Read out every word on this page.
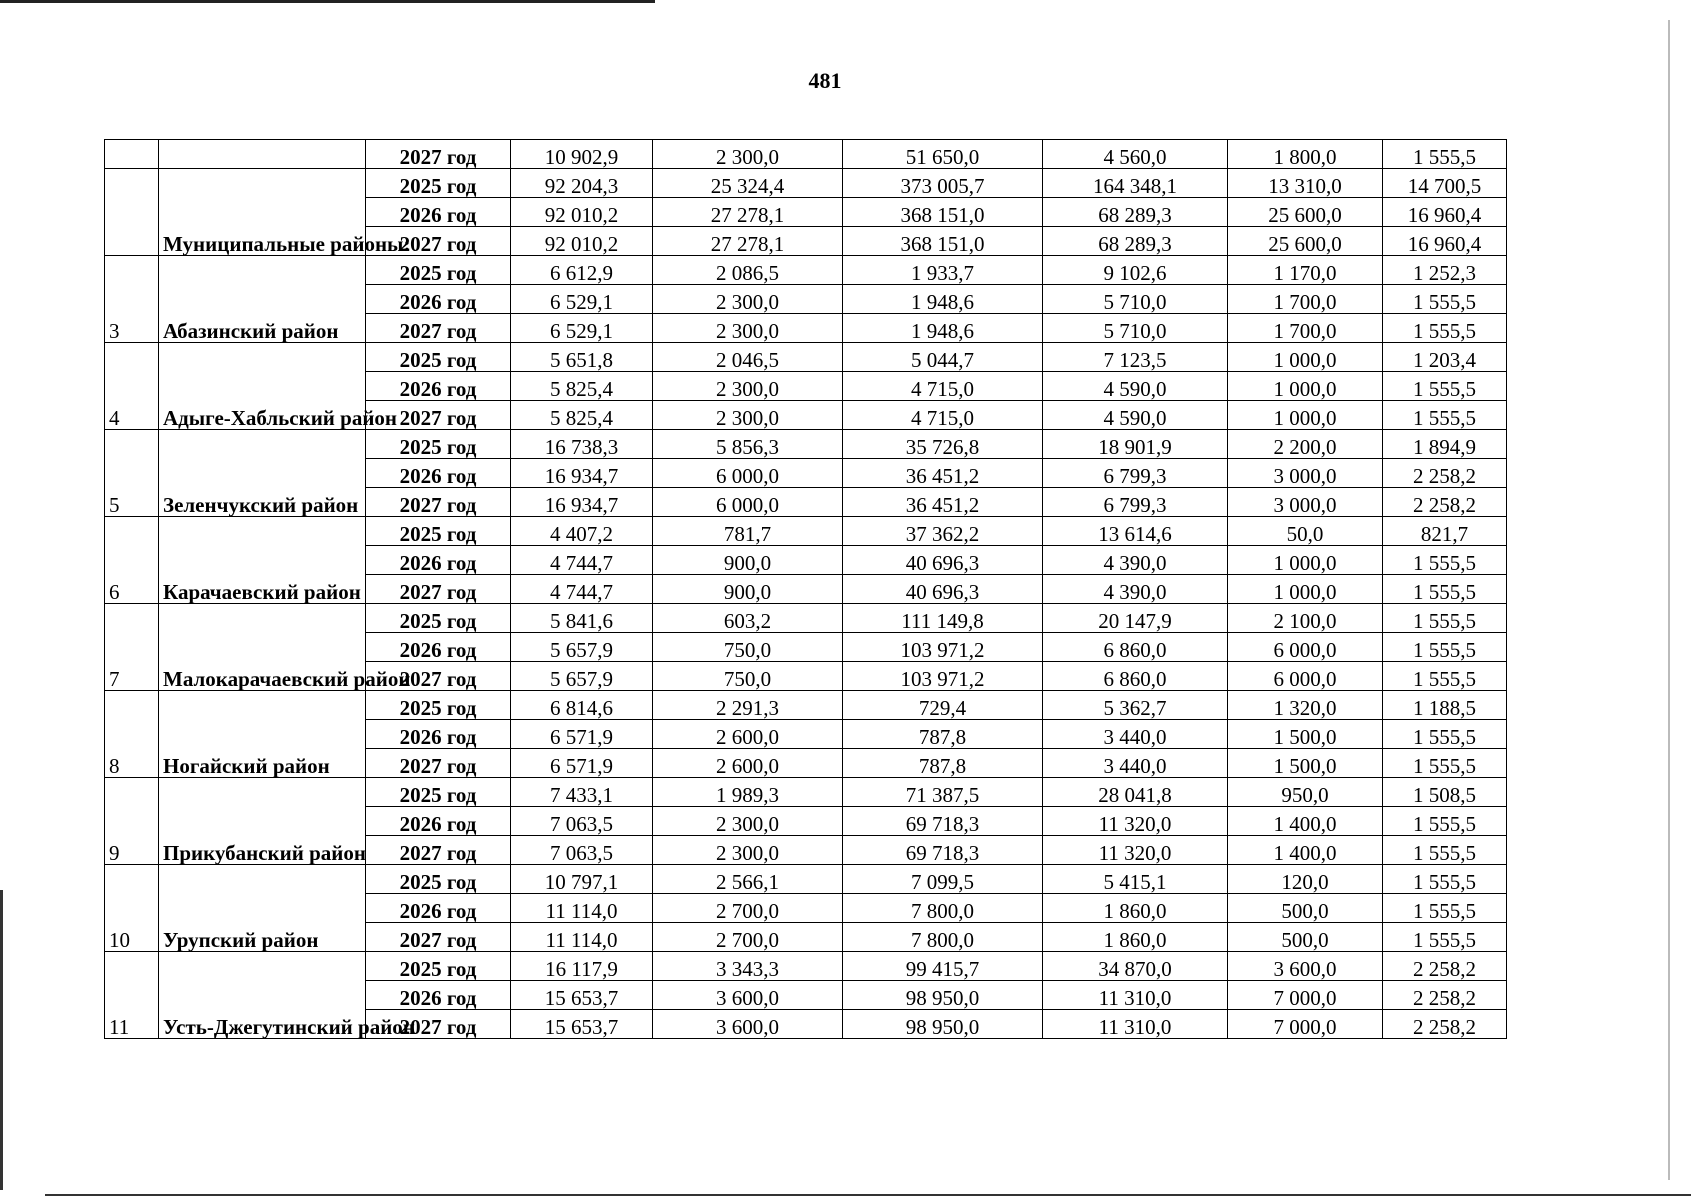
481
		2027 год	10 902,9	2 300,0	51 650,0	4 560,0	1 800,0	1 555,5
	Муниципальные районы:	2025 год	92 204,3	25 324,4	373 005,7	164 348,1	13 310,0	14 700,5
		2026 год	92 010,2	27 278,1	368 151,0	68 289,3	25 600,0	16 960,4
		2027 год	92 010,2	27 278,1	368 151,0	68 289,3	25 600,0	16 960,4
3	Абазинский район	2025 год	6 612,9	2 086,5	1 933,7	9 102,6	1 170,0	1 252,3
		2026 год	6 529,1	2 300,0	1 948,6	5 710,0	1 700,0	1 555,5
		2027 год	6 529,1	2 300,0	1 948,6	5 710,0	1 700,0	1 555,5
4	Адыге-Хабльский район	2025 год	5 651,8	2 046,5	5 044,7	7 123,5	1 000,0	1 203,4
		2026 год	5 825,4	2 300,0	4 715,0	4 590,0	1 000,0	1 555,5
		2027 год	5 825,4	2 300,0	4 715,0	4 590,0	1 000,0	1 555,5
5	Зеленчукский район	2025 год	16 738,3	5 856,3	35 726,8	18 901,9	2 200,0	1 894,9
		2026 год	16 934,7	6 000,0	36 451,2	6 799,3	3 000,0	2 258,2
		2027 год	16 934,7	6 000,0	36 451,2	6 799,3	3 000,0	2 258,2
6	Карачаевский район	2025 год	4 407,2	781,7	37 362,2	13 614,6	50,0	821,7
		2026 год	4 744,7	900,0	40 696,3	4 390,0	1 000,0	1 555,5
		2027 год	4 744,7	900,0	40 696,3	4 390,0	1 000,0	1 555,5
7	Малокарачаевский район	2025 год	5 841,6	603,2	111 149,8	20 147,9	2 100,0	1 555,5
		2026 год	5 657,9	750,0	103 971,2	6 860,0	6 000,0	1 555,5
		2027 год	5 657,9	750,0	103 971,2	6 860,0	6 000,0	1 555,5
8	Ногайский район	2025 год	6 814,6	2 291,3	729,4	5 362,7	1 320,0	1 188,5
		2026 год	6 571,9	2 600,0	787,8	3 440,0	1 500,0	1 555,5
		2027 год	6 571,9	2 600,0	787,8	3 440,0	1 500,0	1 555,5
9	Прикубанский район	2025 год	7 433,1	1 989,3	71 387,5	28 041,8	950,0	1 508,5
		2026 год	7 063,5	2 300,0	69 718,3	11 320,0	1 400,0	1 555,5
		2027 год	7 063,5	2 300,0	69 718,3	11 320,0	1 400,0	1 555,5
10	Урупский район	2025 год	10 797,1	2 566,1	7 099,5	5 415,1	120,0	1 555,5
		2026 год	11 114,0	2 700,0	7 800,0	1 860,0	500,0	1 555,5
		2027 год	11 114,0	2 700,0	7 800,0	1 860,0	500,0	1 555,5
11	Усть-Джегутинский район	2025 год	16 117,9	3 343,3	99 415,7	34 870,0	3 600,0	2 258,2
		2026 год	15 653,7	3 600,0	98 950,0	11 310,0	7 000,0	2 258,2
		2027 год	15 653,7	3 600,0	98 950,0	11 310,0	7 000,0	2 258,2
